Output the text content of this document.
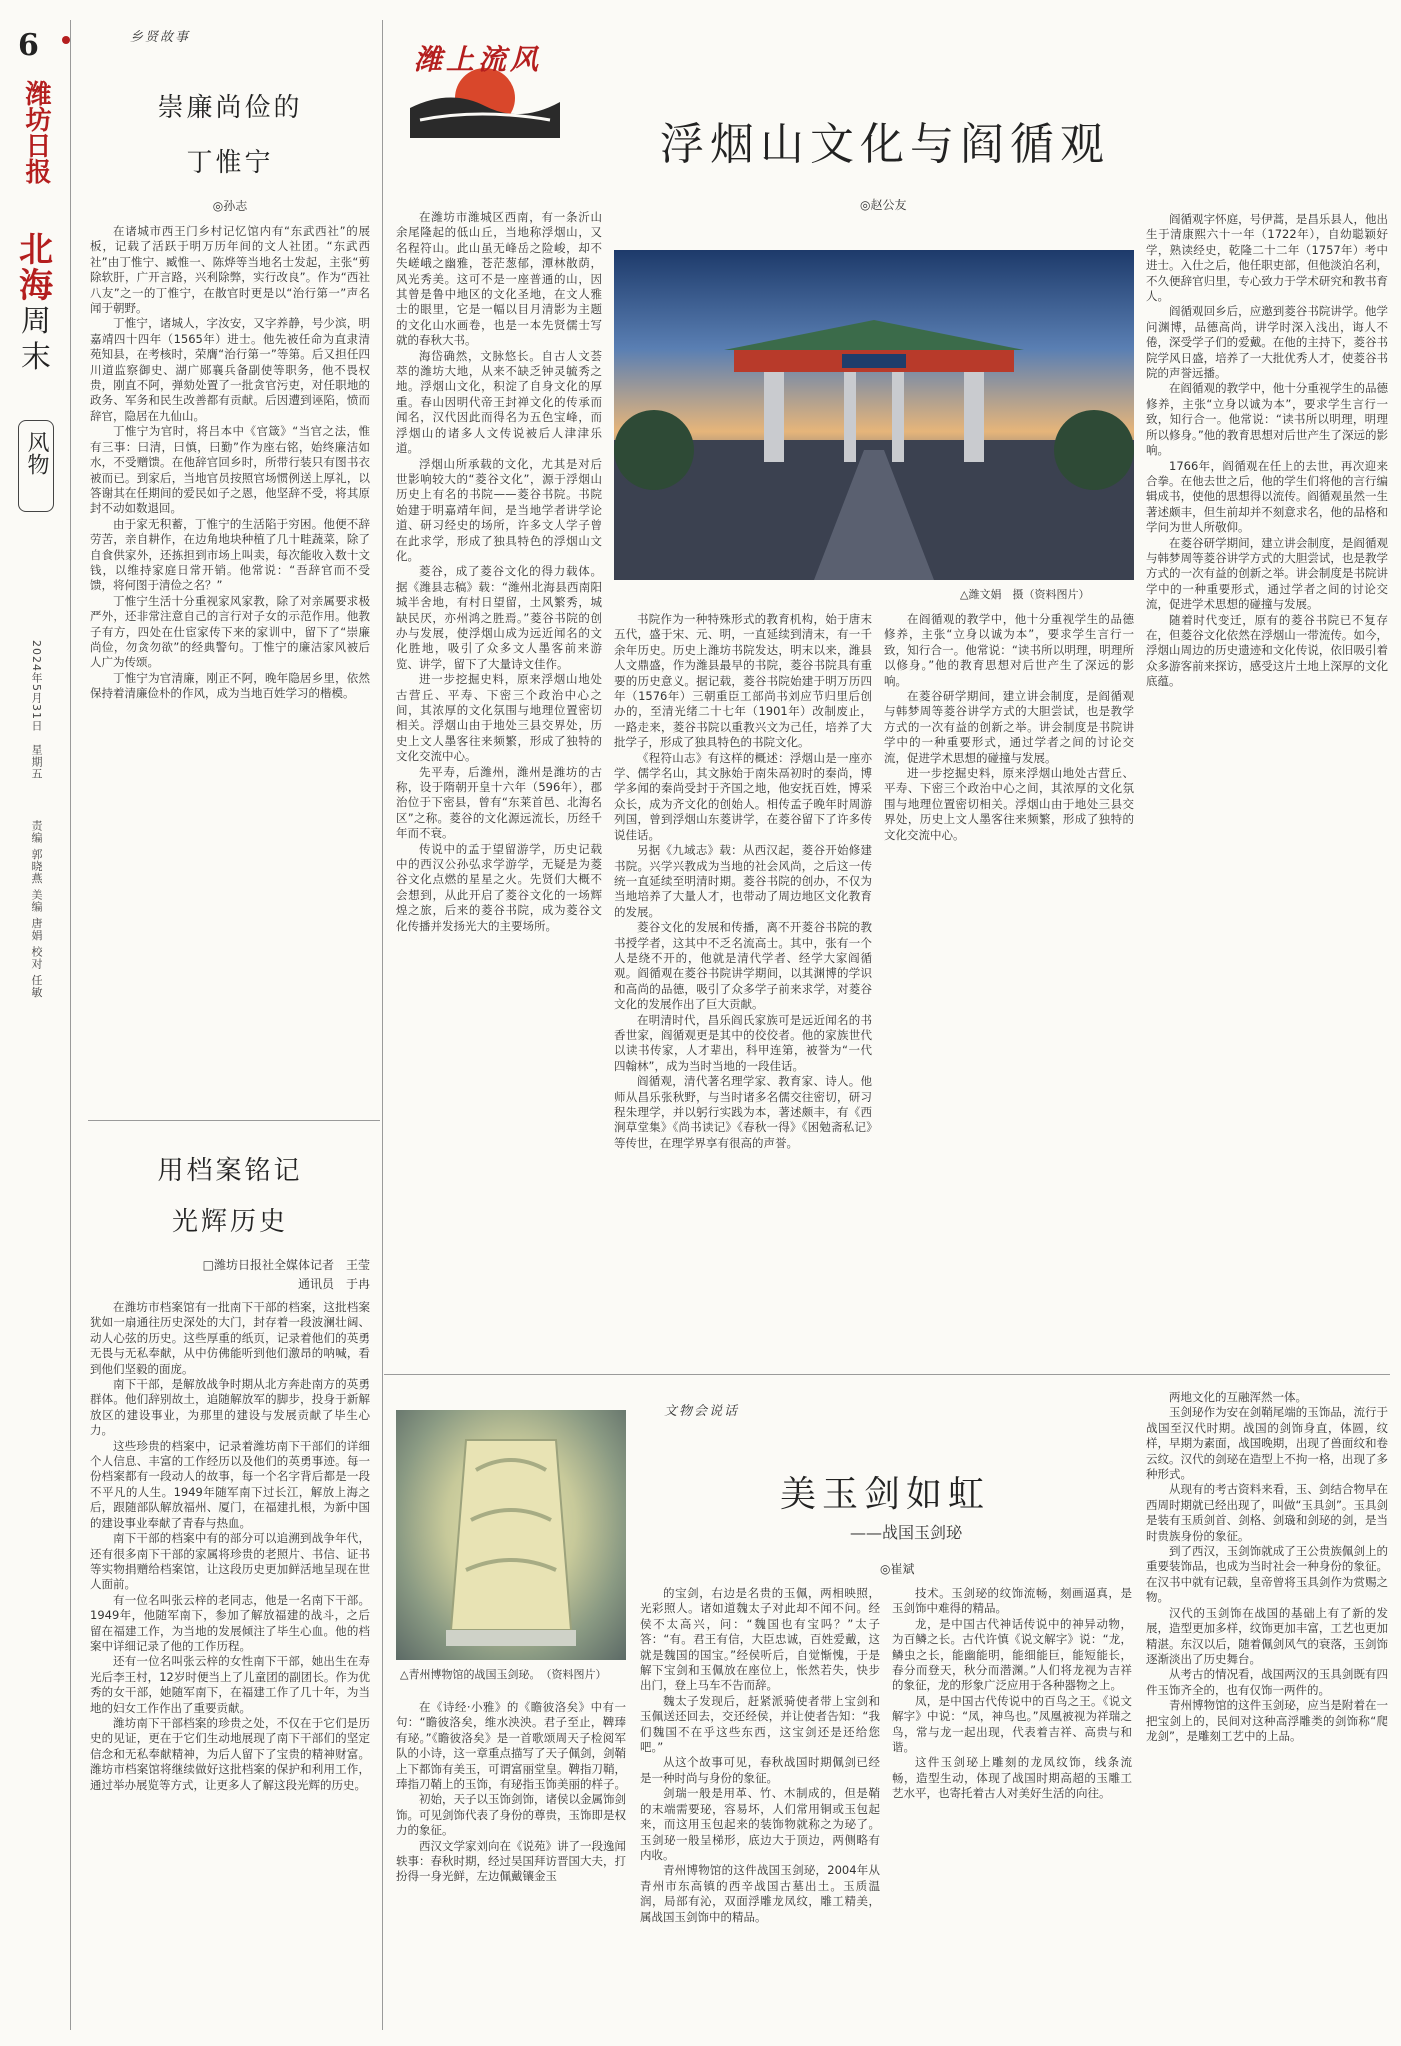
6
潍坊日报
北
海
周
末
风物
2024年5月31日　星期五
责编 郭晓燕 美编 唐娟 校对 任敏
乡贤故事
崇廉尚俭的
丁惟宁
◎孙志

在诸城市西王门乡村记忆馆内有“东武西社”的展板，记载了活跃于明万历年间的文人社团。“东武西社”由丁惟宁、臧惟一、陈烨等当地名士发起，主张“剪除软肝，广开言路，兴利除弊，实行改良”。作为“西社八友”之一的丁惟宁，在散官时更是以“治行第一”声名闻于朝野。

丁惟宁，诸城人，字汝安，又字养静，号少滨，明嘉靖四十四年（1565年）进士。他先被任命为直隶清苑知县，在考核时，荣膺“治行第一”等第。后又担任四川道监察御史、湖广郧襄兵备副使等职务，他不畏权贵，刚直不阿，弹劾处置了一批贪官污吏，对任职地的政务、军务和民生改善都有贡献。后因遭到诬陷，愤而辞官，隐居在九仙山。

丁惟宁为官时，将吕本中《官箴》“当官之法，惟有三事：曰清，曰慎，曰勤”作为座右铭，始终廉洁如水，不受赠馈。在他辞官回乡时，所带行装只有图书衣被而已。到家后，当地官员按照官场惯例送上厚礼，以答谢其在任期间的爱民如子之恩，他坚辞不受，将其原封不动如数退回。

由于家无积蓄，丁惟宁的生活陷于穷困。他便不辞劳苦，亲自耕作，在边角地块种植了几十畦蔬菜，除了自食供家外，还拣担到市场上叫卖，每次能收入数十文钱，以维持家庭日常开销。他常说：“吾辞官而不受馈，将何图于清俭之名？”

丁惟宁生活十分重视家风家教，除了对亲属要求极严外，还非常注意自己的言行对子女的示范作用。他教子有方，四处在仕宦家传下来的家训中，留下了“崇廉尚俭，勿贪勿欲”的经典警句。丁惟宁的廉洁家风被后人广为传颂。

丁惟宁为官清廉，刚正不阿，晚年隐居乡里，依然保持着清廉俭朴的作风，成为当地百姓学习的楷模。

用档案铭记
光辉历史
□潍坊日报社全媒体记者　王莹
通讯员　于冉

在潍坊市档案馆有一批南下干部的档案，这批档案犹如一扇通往历史深处的大门，封存着一段波澜壮阔、动人心弦的历史。这些厚重的纸页，记录着他们的英勇无畏与无私奉献，从中仿佛能听到他们激昂的呐喊，看到他们坚毅的面庞。

南下干部，是解放战争时期从北方奔赴南方的英勇群体。他们辞别故土，追随解放军的脚步，投身于新解放区的建设事业，为那里的建设与发展贡献了毕生心力。

这些珍贵的档案中，记录着潍坊南下干部们的详细个人信息、丰富的工作经历以及他们的英勇事迹。每一份档案都有一段动人的故事，每一个名字背后都是一段不平凡的人生。1949年随军南下过长江，解放上海之后，跟随部队解放福州、厦门，在福建扎根，为新中国的建设事业奉献了青春与热血。

南下干部的档案中有的部分可以追溯到战争年代，还有很多南下干部的家属将珍贵的老照片、书信、证书等实物捐赠给档案馆，让这段历史更加鲜活地呈现在世人面前。

有一位名叫张云梓的老同志，他是一名南下干部。1949年，他随军南下，参加了解放福建的战斗，之后留在福建工作，为当地的发展倾注了毕生心血。他的档案中详细记录了他的工作历程。

还有一位名叫张云梓的女性南下干部，她出生在寿光后李王村，12岁时便当上了儿童团的副团长。作为优秀的女干部，她随军南下，在福建工作了几十年，为当地的妇女工作作出了重要贡献。

潍坊南下干部档案的珍贵之处，不仅在于它们是历史的见证，更在于它们生动地展现了南下干部们的坚定信念和无私奉献精神，为后人留下了宝贵的精神财富。潍坊市档案馆将继续做好这批档案的保护和利用工作，通过举办展览等方式，让更多人了解这段光辉的历史。

潍上流风
浮烟山文化与阎循观
◎赵公友

在潍坊市潍城区西南，有一条沂山余尾隆起的低山丘，当地称浮烟山，又名程符山。此山虽无峰岳之险峻，却不失嵯峨之幽雅，苍茫葱郁，潭林散荫，风光秀美。这可不是一座普通的山，因其曾是鲁中地区的文化圣地，在文人雅士的眼里，它是一幅以目月清影为主题的文化山水画卷，也是一本先贤儒士写就的春秋大书。

海岱确然，文脉悠长。自古人文荟萃的潍坊大地，从来不缺乏钟灵毓秀之地。浮烟山文化，积淀了自身文化的厚重。春山因明代帝王封禅文化的传承而闻名，汉代因此而得名为五色宝峰，而浮烟山的诸多人文传说被后人津津乐道。

浮烟山所承载的文化，尤其是对后世影响较大的“菱谷文化”，源于浮烟山历史上有名的书院——菱谷书院。书院始建于明嘉靖年间，是当地学者讲学论道、研习经史的场所，许多文人学子曾在此求学，形成了独具特色的浮烟山文化。

菱谷，成了菱谷文化的得力载体。据《潍县志稿》载：“潍州北海县西南阳城半舍地，有村日望留，土风繁秀，城缺民厌，亦州鸿之胜焉。”菱谷书院的创办与发展，使浮烟山成为远近闻名的文化胜地，吸引了众多文人墨客前来游览、讲学，留下了大量诗文佳作。

进一步挖掘史料，原来浮烟山地处古营丘、平寿、下密三个政治中心之间，其浓厚的文化氛围与地理位置密切相关。浮烟山由于地处三县交界处，历史上文人墨客往来频繁，形成了独特的文化交流中心。

先平寿，后潍州，潍州是潍坊的古称，设于隋朝开皇十六年（596年），郡治位于下密县，曾有“东莱首邑、北海名区”之称。菱谷的文化源远流长，历经千年而不衰。

传说中的孟于望留游学，历史记载中的西汉公孙弘求学游学，无疑是为菱谷文化点燃的星星之火。先贤们大概不会想到，从此开启了菱谷文化的一场辉煌之旅，后来的菱谷书院，成为菱谷文化传播并发扬光大的主要场所。

△潍文娟　摄（资料图片）

书院作为一种特殊形式的教育机构，始于唐末五代，盛于宋、元、明，一直延续到清末，有一千余年历史。历史上潍坊书院发达，明末以来，潍县人文鼎盛，作为潍县最早的书院，菱谷书院具有重要的历史意义。据记载，菱谷书院始建于明万历四年（1576年）三朝重臣工部尚书刘应节归里后创办的，至清光绪二十七年（1901年）改制废止，一路走来，菱谷书院以重教兴文为己任，培养了大批学子，形成了独具特色的书院文化。

《程符山志》有这样的概述：浮烟山是一座亦学、儒学名山，其文脉始于南朱鬲初时的秦尚，博学多闻的秦尚受封于齐国之地，他安抚百姓，博采众长，成为齐文化的创始人。相传孟子晚年时周游列国，曾到浮烟山东菱讲学，在菱谷留下了许多传说佳话。

另据《九域志》载：从西汉起，菱谷开始修建书院。兴学兴教成为当地的社会风尚，之后这一传统一直延续至明清时期。菱谷书院的创办，不仅为当地培养了大量人才，也带动了周边地区文化教育的发展。

菱谷文化的发展和传播，离不开菱谷书院的教书授学者，这其中不乏名流高士。其中，张有一个人是绕不开的，他就是清代学者、经学大家阎循观。阎循观在菱谷书院讲学期间，以其渊博的学识和高尚的品德，吸引了众多学子前来求学，对菱谷文化的发展作出了巨大贡献。

在明清时代，昌乐阎氏家族可是远近闻名的书香世家，阎循观更是其中的佼佼者。他的家族世代以读书传家，人才辈出，科甲连第，被誉为“一代四翰林”，成为当时当地的一段佳话。

阎循观，清代著名理学家、教育家、诗人。他师从昌乐张秋野，与当时诸多名儒交往密切，研习程朱理学，并以躬行实践为本，著述颇丰，有《西涧草堂集》《尚书读记》《春秋一得》《困勉斋私记》等传世，在理学界享有很高的声誉。

阎循观字怀庭，号伊蒿，是昌乐县人，他出生于清康熙六十一年（1722年），自幼聪颖好学，熟读经史，乾隆二十二年（1757年）考中进士。入仕之后，他任职吏部，但他淡泊名利，不久便辞官归里，专心致力于学术研究和教书育人。

阎循观回乡后，应邀到菱谷书院讲学。他学问渊博，品德高尚，讲学时深入浅出，诲人不倦，深受学子们的爱戴。在他的主持下，菱谷书院学风日盛，培养了一大批优秀人才，使菱谷书院的声誉远播。

在阎循观的教学中，他十分重视学生的品德修养，主张“立身以诚为本”，要求学生言行一致，知行合一。他常说：“读书所以明理，明理所以修身。”他的教育思想对后世产生了深远的影响。

1766年，阎循观在任上的去世，再次迎来合拳。在他去世之后，他的学生们将他的言行编辑成书，使他的思想得以流传。阎循观虽然一生著述颇丰，但生前却并不刻意求名，他的品格和学问为世人所敬仰。

在菱谷研学期间，建立讲会制度，是阎循观与韩梦周等菱谷讲学方式的大胆尝试，也是教学方式的一次有益的创新之举。讲会制度是书院讲学中的一种重要形式，通过学者之间的讨论交流，促进学术思想的碰撞与发展。

随着时代变迁，原有的菱谷书院已不复存在，但菱谷文化依然在浮烟山一带流传。如今，浮烟山周边的历史遗迹和文化传说，依旧吸引着众多游客前来探访，感受这片土地上深厚的文化底蕴。

在阎循观的教学中，他十分重视学生的品德修养，主张“立身以诚为本”，要求学生言行一致，知行合一。他常说：“读书所以明理，明理所以修身。”他的教育思想对后世产生了深远的影响。

在菱谷研学期间，建立讲会制度，是阎循观与韩梦周等菱谷讲学方式的大胆尝试，也是教学方式的一次有益的创新之举。讲会制度是书院讲学中的一种重要形式，通过学者之间的讨论交流，促进学术思想的碰撞与发展。

进一步挖掘史料，原来浮烟山地处古营丘、平寿、下密三个政治中心之间，其浓厚的文化氛围与地理位置密切相关。浮烟山由于地处三县交界处，历史上文人墨客往来频繁，形成了独特的文化交流中心。

△青州博物馆的战国玉剑珌。　（资料图片）
文物会说话
美玉剑如虹
——战国玉剑珌
◎崔斌

在《诗经·小雅》的《瞻彼洛矣》中有一句：“瞻彼洛矣，维水泱泱。君子至止，鞞琫有珌。”《瞻彼洛矣》是一首歌颂周天子检阅军队的小诗，这一章重点描写了天子佩剑，剑鞘上下都饰有美玉，可谓富丽堂皇。鞞指刀鞘，琫指刀鞘上的玉饰，有珌指玉饰美丽的样子。

初始，天子以玉饰剑饰，诸侯以金属饰剑饰。可见剑饰代表了身份的尊贵，玉饰即是权力的象征。

西汉文学家刘向在《说苑》讲了一段逸闻轶事：春秋时期，经过吴国拜访晋国大夫，打扮得一身光鲜，左边佩戴镶金玉

的宝剑，右边是名贵的玉佩，两相映照，光彩照人。诸如道魏太子对此却不闻不问。经侯不太高兴，问：“魏国也有宝吗？”太子答：“有。君王有信，大臣忠诚，百姓爱戴，这就是魏国的国宝。”经侯听后，自觉惭愧，于是解下宝剑和玉佩放在座位上，怅然若失，快步出门，登上马车不告而辞。

魏太子发现后，赶紧派骑使者带上宝剑和玉佩送还回去，交还经侯，并让使者告知：“我们魏国不在乎这些东西，这宝剑还是还给您吧。”

从这个故事可见，春秋战国时期佩剑已经是一种时尚与身份的象征。

剑瑞一般是用革、竹、木制成的，但是鞘的末端需要珌，容易坏，人们常用铜或玉包起来，而这用玉包起来的装饰物就称之为珌了。玉剑珌一般呈梯形，底边大于顶边，两侧略有内收。

青州博物馆的这件战国玉剑珌，2004年从青州市东高镇的西辛战国古墓出土。玉质温润，局部有沁，双面浮雕龙凤纹，雕工精美，属战国玉剑饰中的精品。

技术。玉剑珌的纹饰流畅，刻画逼真，是玉剑饰中难得的精品。

龙，是中国古代神话传说中的神异动物，为百鳞之长。古代许慎《说文解字》说：“龙，鳞虫之长，能幽能明，能细能巨，能短能长，春分而登天，秋分而潜渊。”人们将龙视为吉祥的象征，龙的形象广泛应用于各种器物之上。

凤，是中国古代传说中的百鸟之王。《说文解字》中说：“凤，神鸟也。”凤凰被视为祥瑞之鸟，常与龙一起出现，代表着吉祥、高贵与和谐。

这件玉剑珌上雕刻的龙凤纹饰，线条流畅，造型生动，体现了战国时期高超的玉雕工艺水平，也寄托着古人对美好生活的向往。

两地文化的互融浑然一体。

玉剑珌作为安在剑鞘尾端的玉饰品，流行于战国至汉代时期。战国的剑饰身直，体圆，纹样，早期为素面，战国晚期，出现了兽面纹和卷云纹。汉代的剑珌在造型上不拘一格，出现了多种形式。

从现有的考古资料来看，玉、剑结合物早在西周时期就已经出现了，叫做“玉具剑”。玉具剑是装有玉质剑首、剑格、剑璏和剑珌的剑，是当时贵族身份的象征。

到了西汉，玉剑饰就成了王公贵族佩剑上的重要装饰品，也成为当时社会一种身份的象征。在汉书中就有记载，皇帝曾将玉具剑作为赏赐之物。

汉代的玉剑饰在战国的基础上有了新的发展，造型更加多样，纹饰更加丰富，工艺也更加精湛。东汉以后，随着佩剑风气的衰落，玉剑饰逐渐淡出了历史舞台。

从考古的情况看，战国两汉的玉具剑既有四件玉饰齐全的，也有仅饰一两件的。

青州博物馆的这件玉剑珌，应当是附着在一把宝剑上的，民间对这种高浮雕类的剑饰称“爬龙剑”，是雕刻工艺中的上品。
